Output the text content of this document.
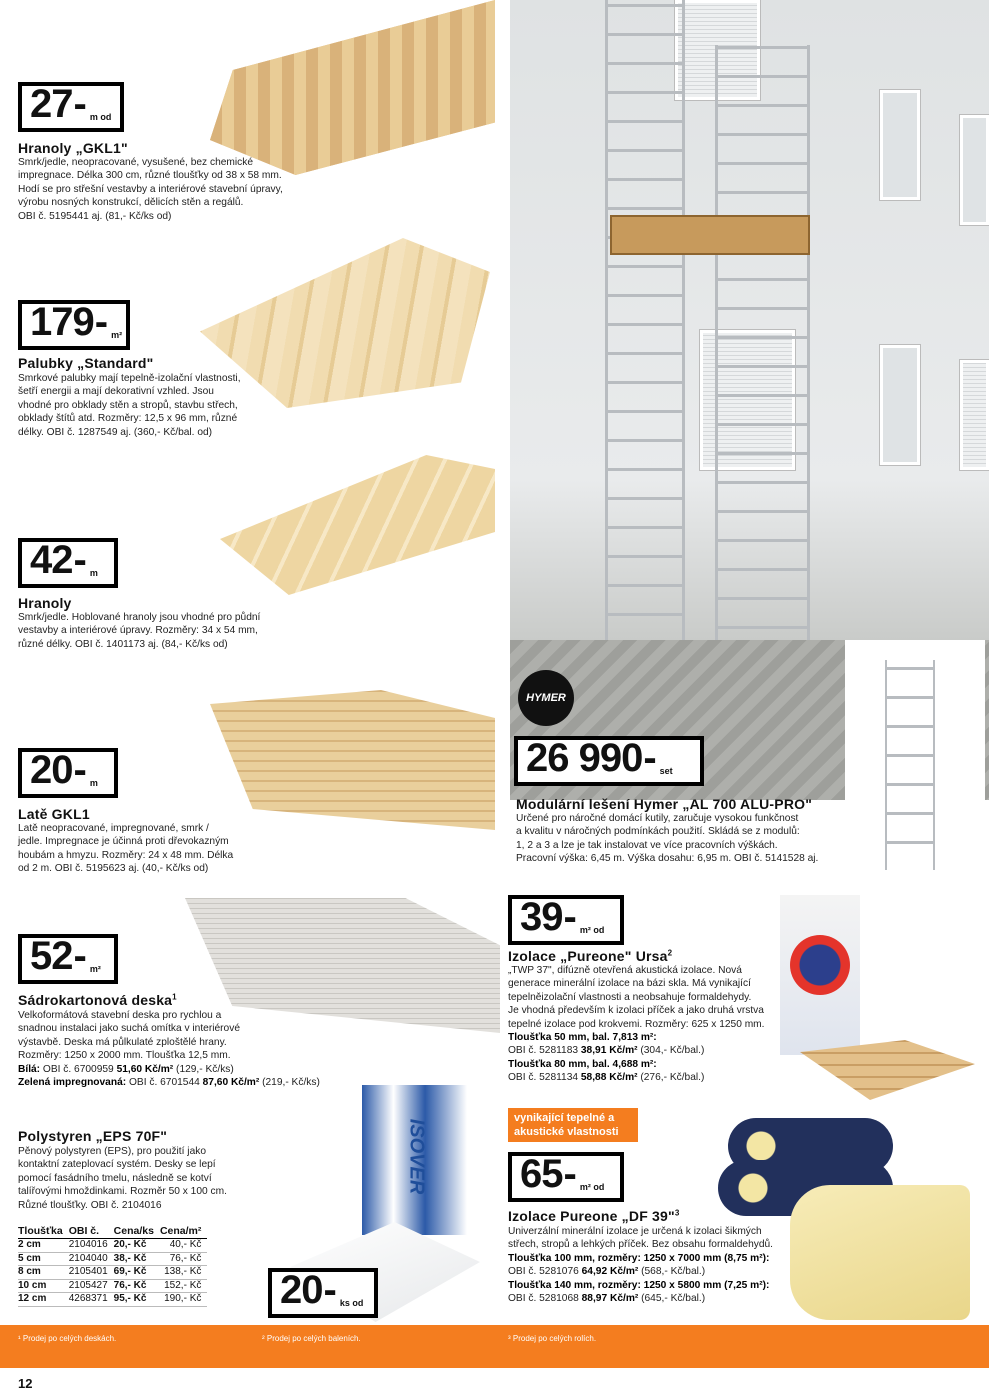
HYMER
27 - m od
Hranoly „GKL1"
Smrk/jedle, neopracované, vysušené, bez chemické
impregnace. Délka 300 cm, různé tloušťky od 38 x 58 mm.
Hodí se pro střešní vestavby a interiérové stavební úpravy,
výrobu nosných konstrukcí, dělicích stěn a regálů.
OBI č. 5195441 aj. (81,- Kč/ks od)
179 - m²
Palubky „Standard"
Smrkové palubky mají tepelně-izolační vlastnosti,
šetří energii a mají dekorativní vzhled. Jsou
vhodné pro obklady stěn a stropů, stavbu střech,
obklady štítů atd. Rozměry: 12,5 x 96 mm, různé
délky. OBI č. 1287549 aj. (360,- Kč/bal. od)
42 - m
Hranoly
Smrk/jedle. Hoblované hranoly jsou vhodné pro půdní
vestavby a interiérové úpravy. Rozměry: 34 x 54 mm,
různé délky. OBI č. 1401173 aj. (84,- Kč/ks od)
20 - m
Latě GKL1
Latě neopracované, impregnované, smrk /
jedle. Impregnace je účinná proti dřevokazným
houbám a hmyzu. Rozměry: 24 x 48 mm. Délka
od 2 m. OBI č. 5195623 aj. (40,- Kč/ks od)
52 - m²
Sádrokartonová deska$^1$
Velkoformátová stavební deska pro rychlou a
snadnou instalaci jako suchá omítka v interiérové
výstavbě. Deska má půlkulaté zploštělé hrany.
Rozměry: 1250 x 2000 mm. Tloušťka 12,5 mm.
Bílá: OBI č. 6700959 51,60 Kč/m² (129,- Kč/ks)
Zelená impregnovaná: OBI č. 6701544 87,60 Kč/m² (219,- Kč/ks)
Polystyren „EPS 70F"
Pěnový polystyren (EPS), pro použití jako
kontaktní zateplovací systém. Desky se lepí
pomocí fasádního tmelu, následně se kotví
talířovými hmoždinkami. Rozměr 50 x 100 cm.
Různé tloušťky. OBI č. 2104016
ISOVER
Tloušťka	OBI č.	Cena/ks	Cena/m²
2 cm	2104016	20,- Kč	40,- Kč
5 cm	2104040	38,- Kč	76,- Kč
8 cm	2105401	69,- Kč	138,- Kč
10 cm	2105427	76,- Kč	152,- Kč
12 cm	4268371	95,- Kč	190,- Kč 20 - ks od
26 990 - set
Modulární lešení Hymer „AL 700 ALU-PRO"
Určené pro náročné domácí kutily, zaručuje vysokou funkčnost
a kvalitu v náročných podmínkách použití. Skládá se z modulů:
1, 2 a 3 a lze je tak instalovat ve více pracovních výškách.
Pracovní výška: 6,45 m. Výška dosahu: 6,95 m. OBI č. 5141528 aj.
39 - m² od
Izolace „Pureone" Ursa$^2$
„TWP 37", difúzně otevřená akustická izolace. Nová
generace minerální izolace na bázi skla. Má vynikající
tepelněizolační vlastnosti a neobsahuje formaldehydy.
Je vhodná především k izolaci příček a jako druhá vrstva
tepelné izolace pod krokvemi. Rozměry: 625 x 1250 mm.
Tloušťka 50 mm, bal. 7,813 m²:
OBI č. 5281183 38,91 Kč/m² (304,- Kč/bal.)
Tloušťka 80 mm, bal. 4,688 m²:
OBI č. 5281134 58,88 Kč/m² (276,- Kč/bal.)
vynikající tepelné a
akustické vlastnosti
65 - m² od
Izolace Pureone „DF 39"$^3$
Univerzální minerální izolace je určená k izolaci šikmých
střech, stropů a lehkých příček. Bez obsahu formaldehydů.
Tloušťka 100 mm, rozměry: 1250 x 7000 mm (8,75 m²):
OBI č. 5281076 64,92 Kč/m² (568,- Kč/bal.)
Tloušťka 140 mm, rozměry: 1250 x 5800 mm (7,25 m²):
OBI č. 5281068 88,97 Kč/m² (645,- Kč/bal.)
¹ Prodej po celých deskách.	² Prodej po celých baleních.	³ Prodej po celých rolích.
12
